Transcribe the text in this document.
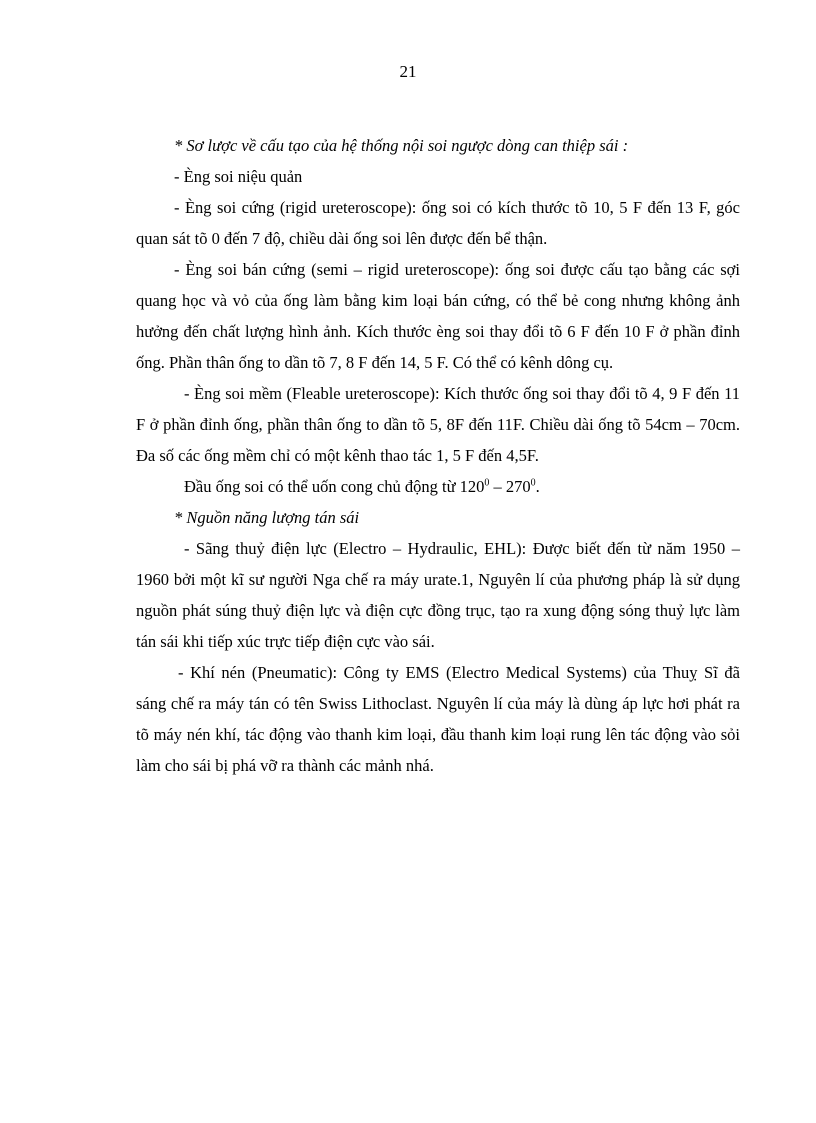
21

* Sơ lược về cấu tạo của hệ thống nội soi ngược dòng can thiệp sái :

- Èng soi niệu quản

- Èng soi cứng (rigid ureteroscope): ống soi có kích thước tõ 10, 5 F đến 13 F, góc quan sát tõ 0 đến 7 độ, chiều dài ống soi lên được đến bể thận.

- Èng soi bán cứng (semi – rigid ureteroscope): ống soi được cấu tạo bằng các sợi quang học và vỏ của ống làm bằng kim loại bán cứng, có thể bẻ cong nhưng không ảnh hưởng đến chất lượng hình ảnh. Kích thước èng soi thay đổi tõ 6 F đến 10 F ở phần đỉnh ống. Phần thân ống to dần tõ 7, 8 F đến 14, 5 F. Có thể có kênh dông cụ.

- Èng soi mềm (Fleable ureteroscope): Kích thước ống soi thay đổi tõ 4, 9 F đến 11 F ở phần đỉnh ống, phần thân ống to dần tõ 5, 8F đến 11F. Chiều dài ống tõ 54cm – 70cm. Đa số các ống mềm chỉ có một kênh thao tác 1, 5 F đến 4,5F.

Đầu ống soi có thể uốn cong chủ động từ $120^0 - 270^0$.

* Nguồn năng lượng tán sái

- Sãng thuỷ điện lực (Electro – Hydraulic, EHL): Được biết đến từ năm 1950 – 1960 bởi một kĩ sư người Nga chế ra máy urate.1, Nguyên lí của phương pháp là sử dụng nguồn phát súng thuỷ điện lực và điện cực đồng trục, tạo ra xung động sóng thuỷ lực làm tán sái khi tiếp xúc trực tiếp điện cực vào sái.

- Khí nén (Pneumatic): Công ty EMS (Electro Medical Systems) của Thuỵ Sĩ đã sáng chế ra máy tán có tên Swiss Lithoclast. Nguyên lí của máy là dùng áp lực hơi phát ra tõ máy nén khí, tác động vào thanh kim loại, đầu thanh kim loại rung lên tác động vào sỏi làm cho sái bị phá vỡ ra thành các mảnh nhá.
